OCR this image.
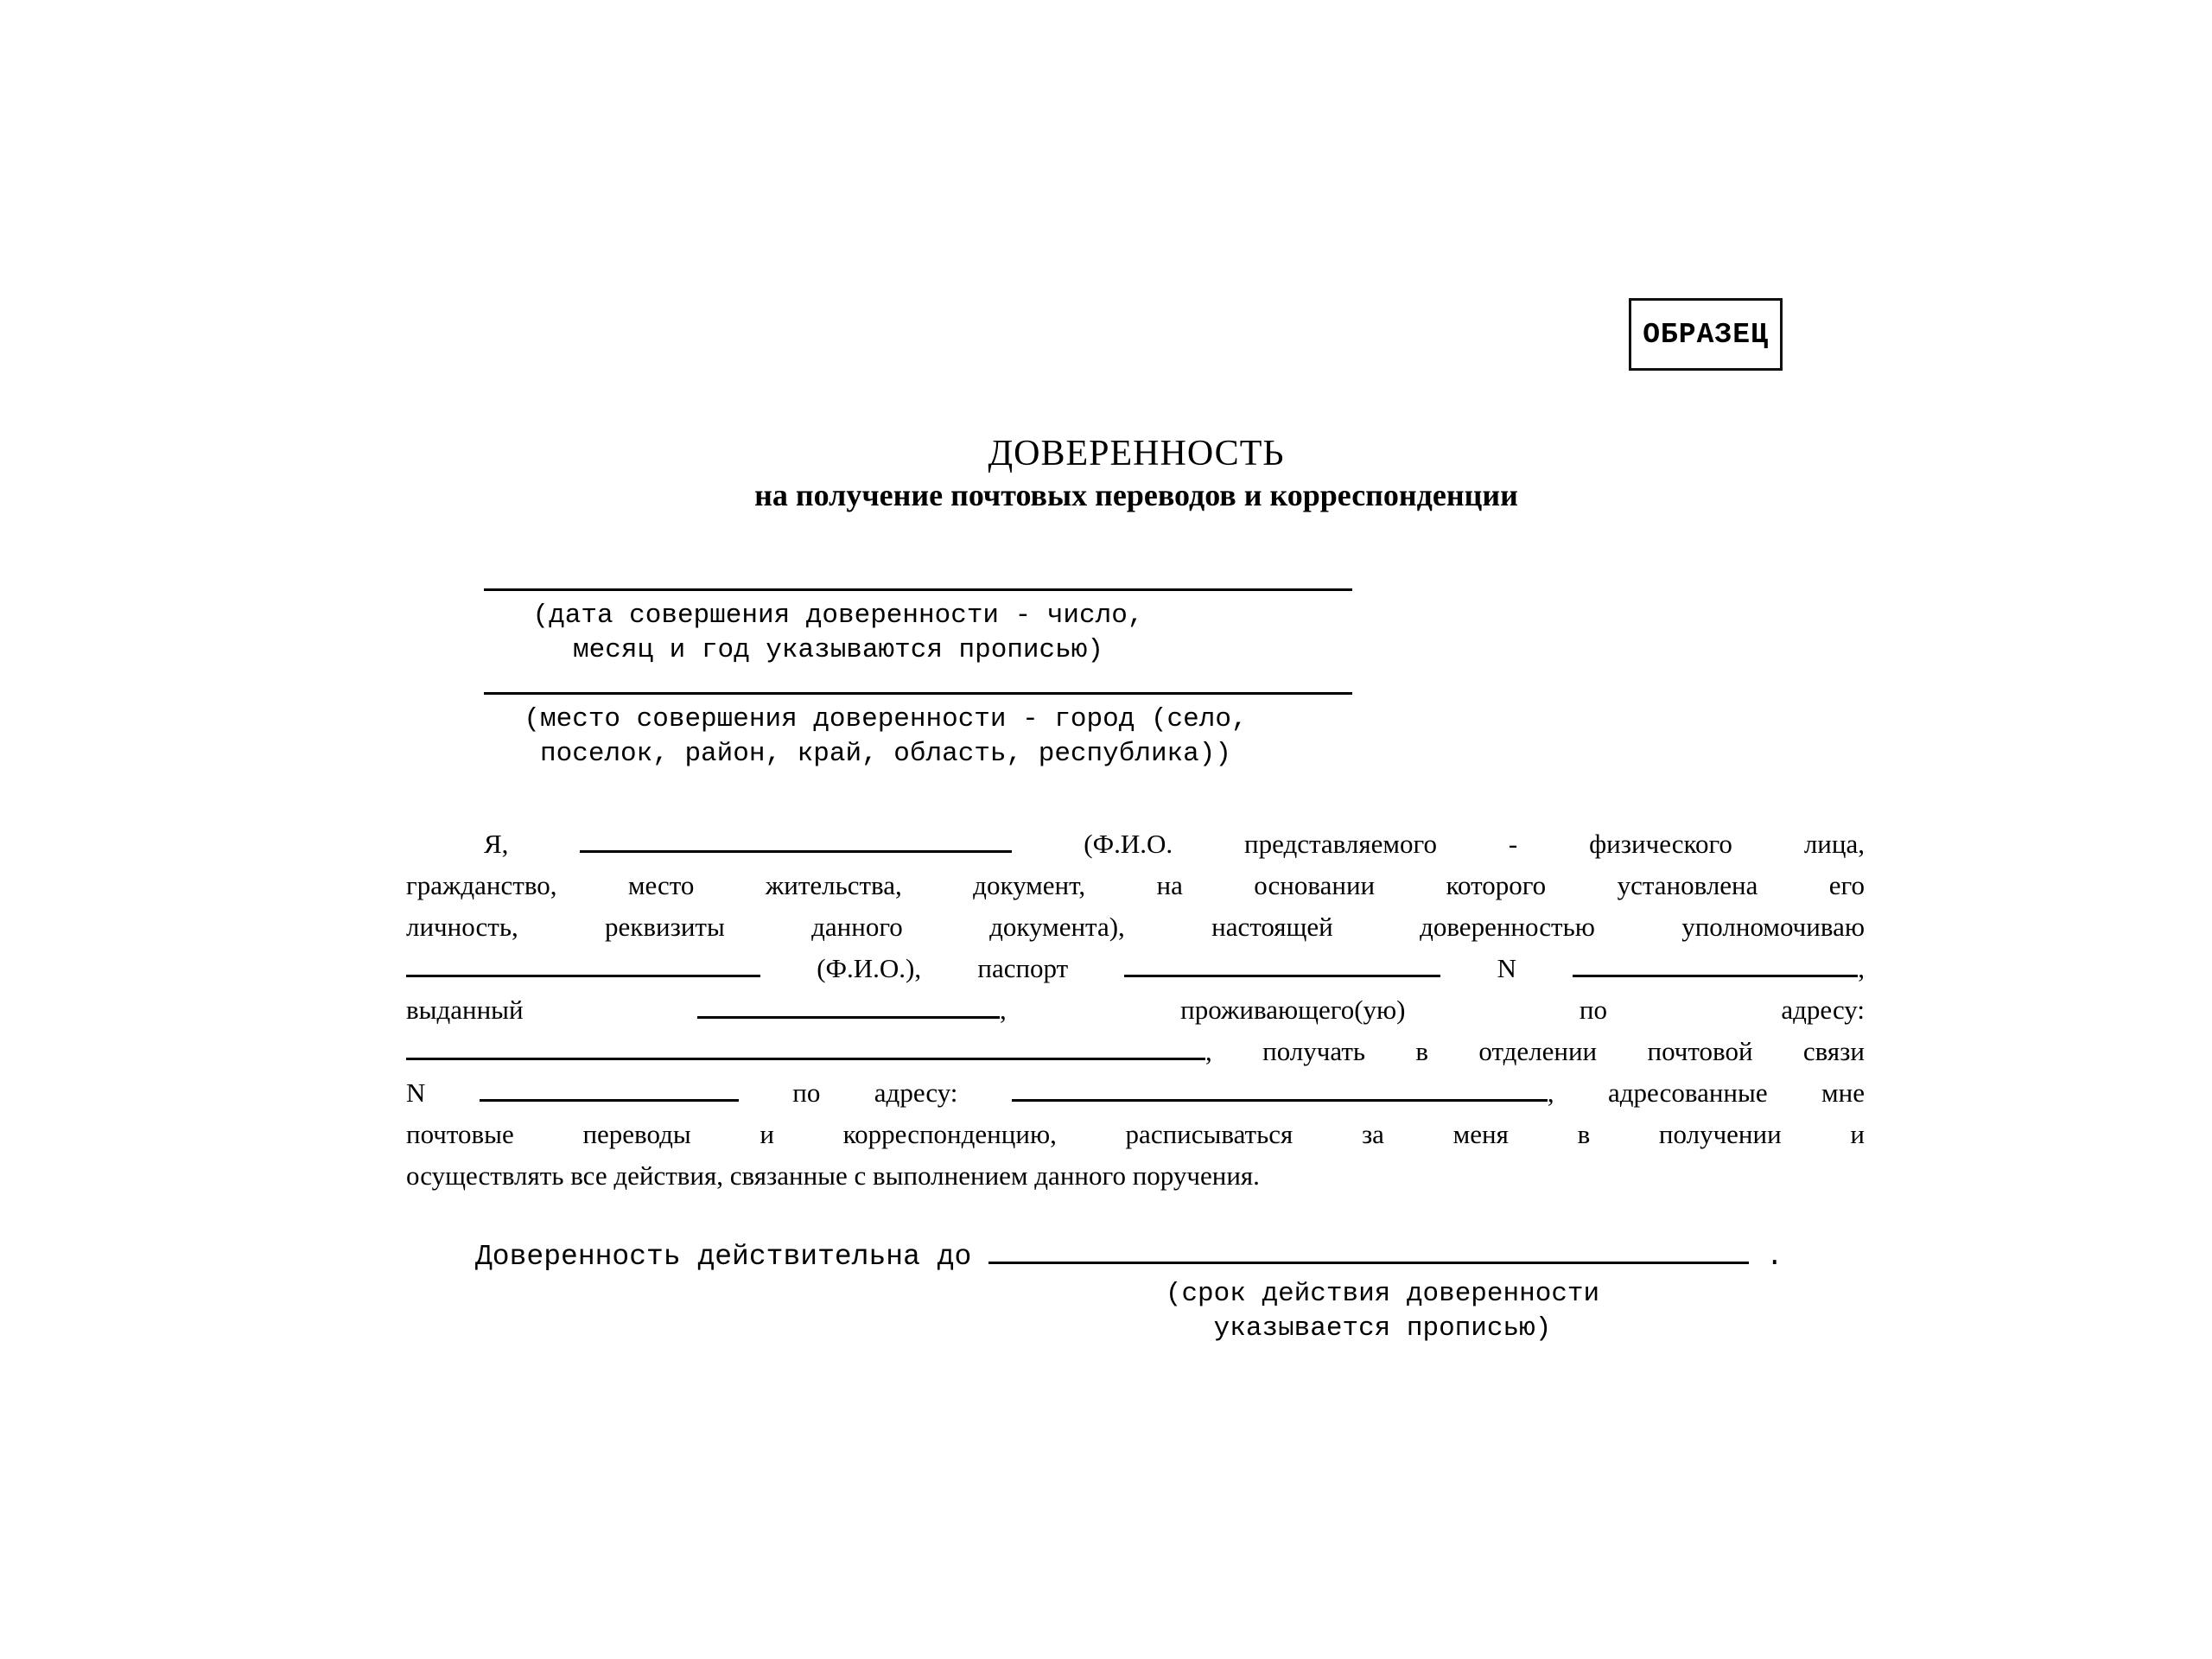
ОБРАЗЕЦ
ДОВЕРЕННОСТЬ
на получение почтовых переводов и корреспонденции
(дата совершения доверенности - число,
месяц и год указываются прописью)
(место совершения доверенности - город (село,
поселок, район, край, область, республика))
Я,	(Ф.И.О. представляемого - физического лица,
гражданство, место жительства, документ, на основании которого установлена его
личность, реквизиты данного документа), настоящей доверенностью уполномочиваю
(Ф.И.О.), паспорт	N	,
выданный	, проживающего(ую) по адресу:
, получать в отделении почтовой связи
N	по адресу:	, адресованные мне
почтовые переводы и корреспонденцию, расписываться за меня в получении и
осуществлять все действия, связанные с выполнением данного поручения.
Доверенность действительна до	.
(срок действия доверенности
указывается прописью)
